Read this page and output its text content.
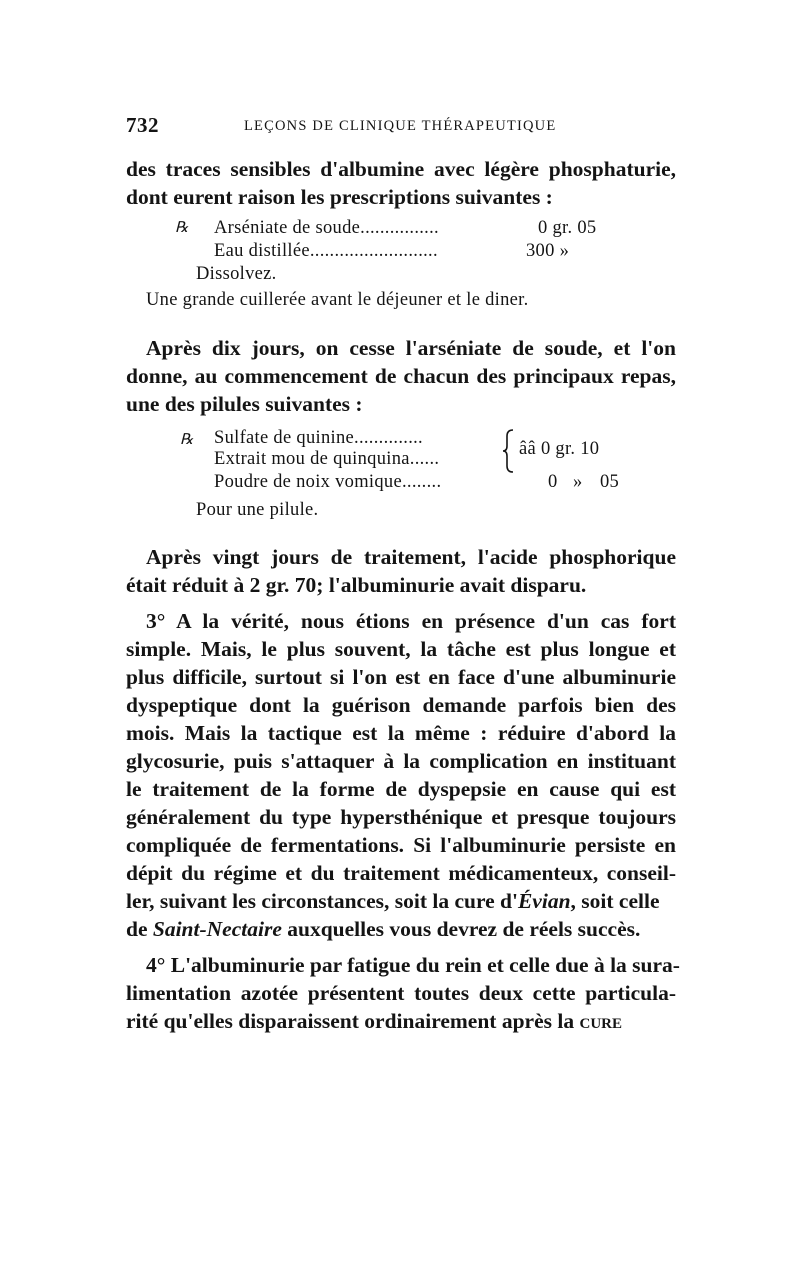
732	LEÇONS DE CLINIQUE THÉRAPEUTIQUE
des traces sensibles d'albumine avec légère phosphaturie,
dont eurent raison les prescriptions suivantes :
℞ Arséniate de soude................	0 gr. 05
Eau distillée..........................	300 »
Dissolvez.
Une grande cuillerée avant le déjeuner et le diner.
Après dix jours, on cesse l'arséniate de soude, et l'on
donne, au commencement de chacun des principaux repas,
une des pilules suivantes :
℞ Sulfate de quinine..............
Extrait mou de quinquina......	ââ 0 gr. 10
Poudre de noix vomique........	0 » 05
Pour une pilule.
Après vingt jours de traitement, l'acide phosphorique
était réduit à 2 gr. 70; l'albuminurie avait disparu.
3° A la vérité, nous étions en présence d'un cas fort
simple. Mais, le plus souvent, la tâche est plus longue et
plus difficile, surtout si l'on est en face d'une albuminurie
dyspeptique dont la guérison demande parfois bien des
mois. Mais la tactique est la même : réduire d'abord la
glycosurie, puis s'attaquer à la complication en instituant
le traitement de la forme de dyspepsie en cause qui est
généralement du type hypersthénique et presque toujours
compliquée de fermentations. Si l'albuminurie persiste en
dépit du régime et du traitement médicamenteux, conseil-
ler, suivant les circonstances, soit la cure d'Évian, soit celle
de Saint-Nectaire auxquelles vous devrez de réels succès.
4° L'albuminurie par fatigue du rein et celle due à la sura-
limentation azotée présentent toutes deux cette particula-
rité qu'elles disparaissent ordinairement après la cure
